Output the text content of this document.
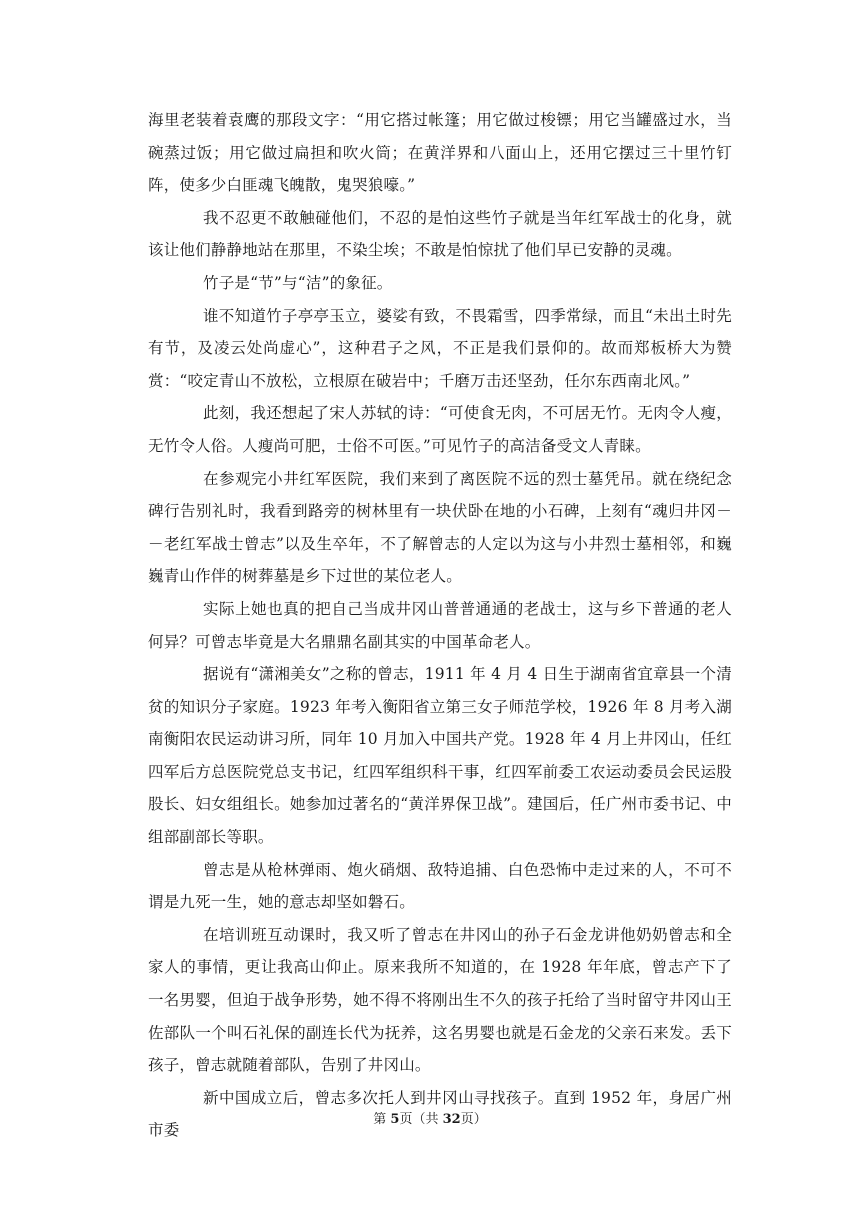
海里老装着袁鹰的那段文字：“用它搭过帐篷；用它做过梭镖；用它当罐盛过水，当碗蒸过饭；用它做过扁担和吹火筒；在黄洋界和八面山上，还用它摆过三十里竹钉阵，使多少白匪魂飞魄散，鬼哭狼嚎。”

我不忍更不敢触碰他们，不忍的是怕这些竹子就是当年红军战士的化身，就该让他们静静地站在那里，不染尘埃；不敢是怕惊扰了他们早已安静的灵魂。

竹子是“节”与“洁”的象征。

谁不知道竹子亭亭玉立，婆娑有致，不畏霜雪，四季常绿，而且“未出土时先有节，及凌云处尚虚心”，这种君子之风，不正是我们景仰的。故而郑板桥大为赞赏：“咬定青山不放松，立根原在破岩中；千磨万击还坚劲，任尔东西南北风。”

此刻，我还想起了宋人苏轼的诗：“可使食无肉，不可居无竹。无肉令人瘦，无竹令人俗。人瘦尚可肥，士俗不可医。”可见竹子的高洁备受文人青睐。

在参观完小井红军医院，我们来到了离医院不远的烈士墓凭吊。就在绕纪念碑行告别礼时，我看到路旁的树林里有一块伏卧在地的小石碑，上刻有“魂归井冈－－老红军战士曾志”以及生卒年，不了解曾志的人定以为这与小井烈士墓相邻，和巍巍青山作伴的树葬墓是乡下过世的某位老人。

实际上她也真的把自己当成井冈山普普通通的老战士，这与乡下普通的老人何异？可曾志毕竟是大名鼎鼎名副其实的中国革命老人。

据说有“潇湘美女”之称的曾志，1911 年 4 月 4 日生于湖南省宜章县一个清贫的知识分子家庭。1923 年考入衡阳省立第三女子师范学校，1926 年 8 月考入湖南衡阳农民运动讲习所，同年 10 月加入中国共产党。1928 年 4 月上井冈山，任红四军后方总医院党总支书记，红四军组织科干事，红四军前委工农运动委员会民运股股长、妇女组组长。她参加过著名的“黄洋界保卫战”。建国后，任广州市委书记、中组部副部长等职。

曾志是从枪林弹雨、炮火硝烟、敌特追捕、白色恐怖中走过来的人，不可不谓是九死一生，她的意志却坚如磐石。

在培训班互动课时，我又听了曾志在井冈山的孙子石金龙讲他奶奶曾志和全家人的事情，更让我高山仰止。原来我所不知道的，在 1928 年年底，曾志产下了一名男婴，但迫于战争形势，她不得不将刚出生不久的孩子托给了当时留守井冈山王佐部队一个叫石礼保的副连长代为抚养，这名男婴也就是石金龙的父亲石来发。丢下孩子，曾志就随着部队，告别了井冈山。

新中国成立后，曾志多次托人到井冈山寻找孩子。直到 1952 年，身居广州市委

第 5页（共 32页）
